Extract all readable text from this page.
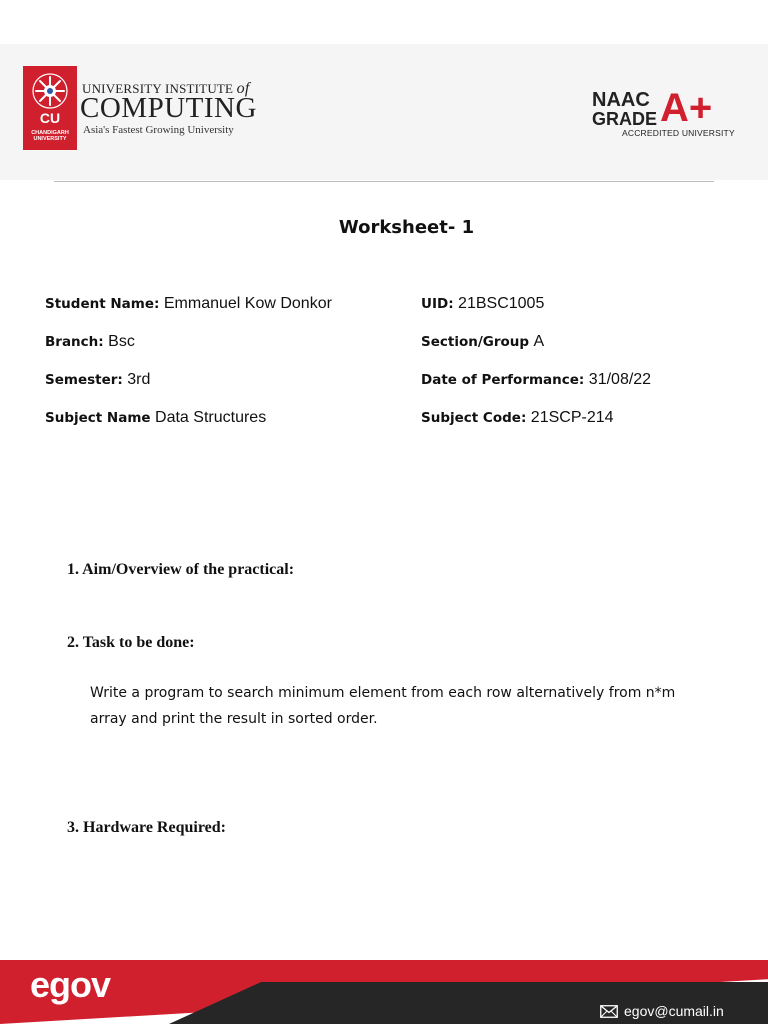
CU
CHANDIGARH UNIVERSITY
UNIVERSITY INSTITUTE of
COMPUTING
Asia's Fastest Growing University
NAAC
GRADE A+
ACCREDITED UNIVERSITY
Worksheet- 1
Student Name: Emmanuel Kow Donkor
Branch: Bsc
Semester: 3rd
Subject Name Data Structures
UID: 21BSC1005
Section/Group A
Date of Performance: 31/08/22
Subject Code: 21SCP-214
1. Aim/Overview of the practical:
2. Task to be done:
Write a program to search minimum element from each row alternatively from n*m array and print the result in sorted order.
3. Hardware Required:
egov
egov@cumail.in
